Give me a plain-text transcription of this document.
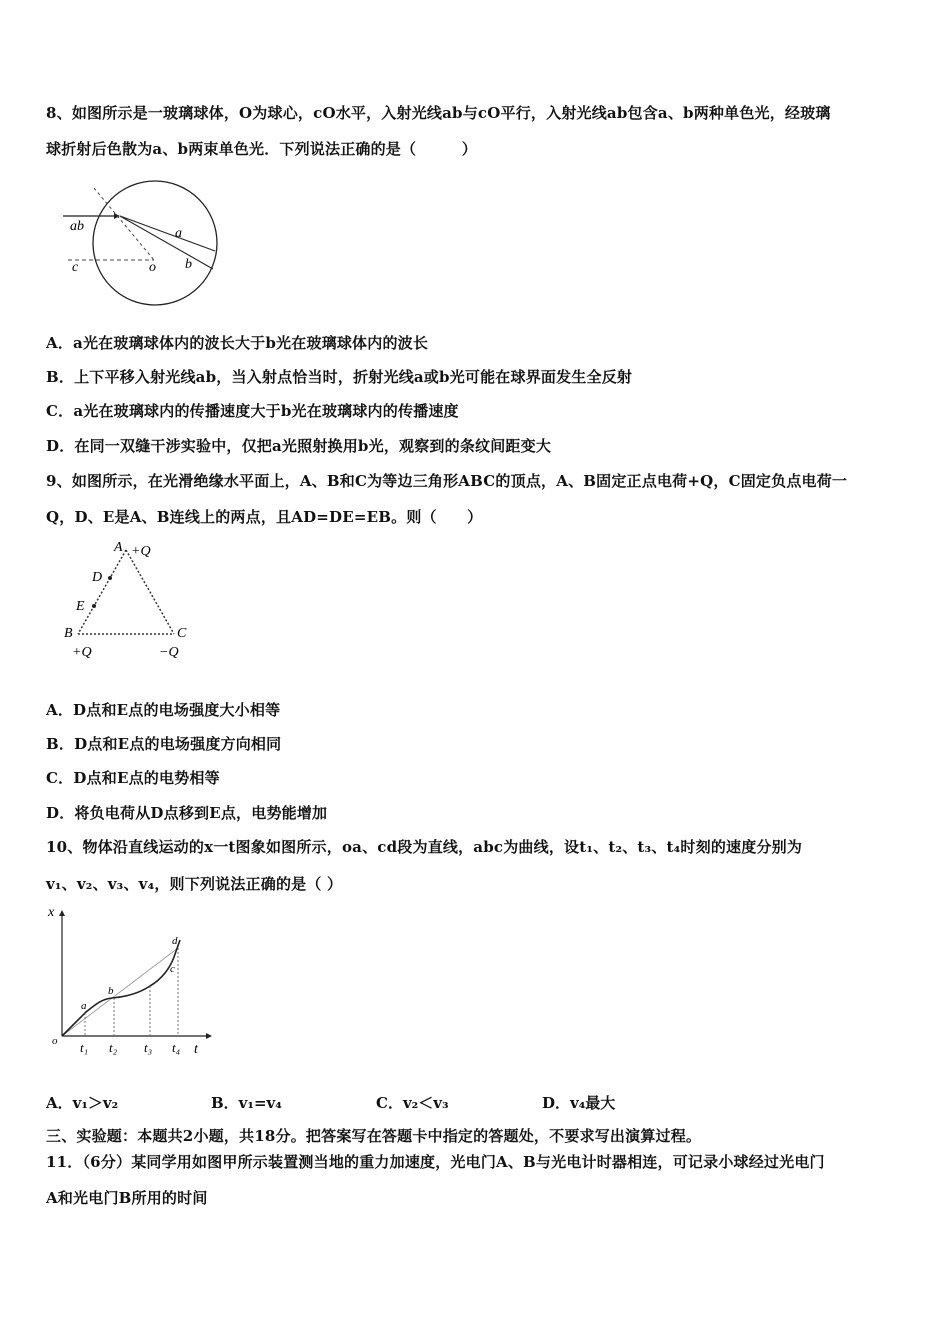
8、如图所示是一玻璃球体，O为球心，cO水平，入射光线ab与cO平行，入射光线ab包含a、b两种单色光，经玻璃
球折射后色散为a、b两束单色光．下列说法正确的是（　　　）
ab	a
b
c	o
A．a光在玻璃球体内的波长大于b光在玻璃球体内的波长
B．上下平移入射光线ab，当入射点恰当时，折射光线a或b光可能在球界面发生全反射
C．a光在玻璃球内的传播速度大于b光在玻璃球内的传播速度
D．在同一双缝干涉实验中，仅把a光照射换用b光，观察到的条纹间距变大
9、如图所示，在光滑绝缘水平面上，A、B和C为等边三角形ABC的顶点，A、B固定正点电荷+Q，C固定负点电荷一
Q，D、E是A、B连线上的两点，且AD=DE=EB。则（　　）
A +Q
D
E
B	C
+Q	−Q
A．D点和E点的电场强度大小相等
B．D点和E点的电场强度方向相同
C．D点和E点的电势相等
D．将负电荷从D点移到E点，电势能增加
10、物体沿直线运动的x一t图象如图所示，oa、cd段为直线，abc为曲线，设t₁、t₂、t₃、t₄时刻的速度分别为
v₁、v₂、v₃、v₄，则下列说法正确的是（ ）
x
t
o
a
b
c
d
t₁ t₂ t₃ t₄
A．v₁＞v₂	B．v₁=v₄	C．v₂＜v₃	D．v₄最大
三、实验题：本题共2小题，共18分。把答案写在答题卡中指定的答题处，不要求写出演算过程。
11．（6分）某同学用如图甲所示装置测当地的重力加速度，光电门A、B与光电计时器相连，可记录小球经过光电门
A和光电门B所用的时间
